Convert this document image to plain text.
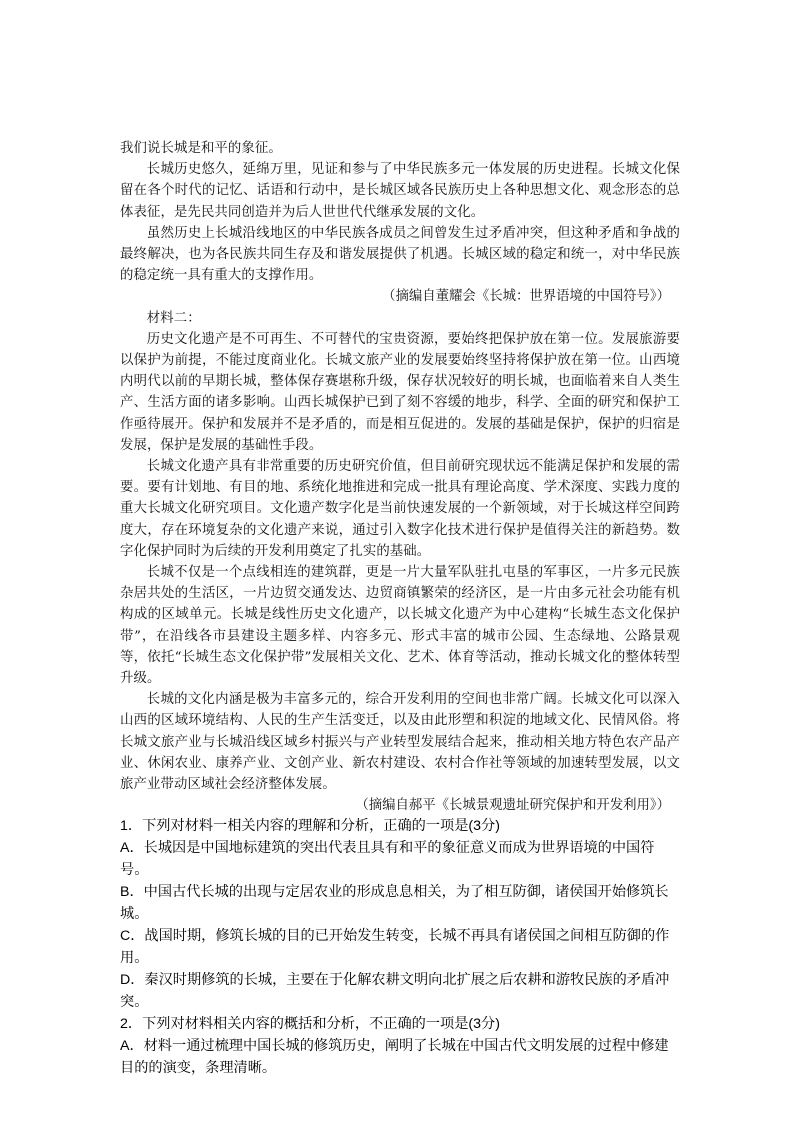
我们说长城是和平的象征。

长城历史悠久，延绵万里，见证和参与了中华民族多元一体发展的历史进程。长城文化保留在各个时代的记忆、话语和行动中，是长城区域各民族历史上各种思想文化、观念形态的总体表征，是先民共同创造并为后人世世代代继承发展的文化。

虽然历史上长城沿线地区的中华民族各成员之间曾发生过矛盾冲突，但这种矛盾和争战的最终解决，也为各民族共同生存及和谐发展提供了机遇。长城区域的稳定和统一，对中华民族的稳定统一具有重大的支撑作用。

（摘编自董耀会《长城：世界语境的中国符号》）

材料二：

历史文化遗产是不可再生、不可替代的宝贵资源，要始终把保护放在第一位。发展旅游要以保护为前提，不能过度商业化。长城文旅产业的发展要始终坚持将保护放在第一位。山西境内明代以前的早期长城，整体保存赛堪称升级，保存状况较好的明长城，也面临着来自人类生产、生活方面的诸多影响。山西长城保护已到了刻不容缓的地步，科学、全面的研究和保护工作亟待展开。保护和发展并不是矛盾的，而是相互促进的。发展的基础是保护，保护的归宿是发展，保护是发展的基础性手段。

长城文化遗产具有非常重要的历史研究价值，但目前研究现状远不能满足保护和发展的需要。要有计划地、有目的地、系统化地推进和完成一批具有理论高度、学术深度、实践力度的重大长城文化研究项目。文化遗产数字化是当前快速发展的一个新领域，对于长城这样空间跨度大，存在环境复杂的文化遗产来说，通过引入数字化技术进行保护是值得关注的新趋势。数字化保护同时为后续的开发利用奠定了扎实的基础。

长城不仅是一个点线相连的建筑群，更是一片大量军队驻扎屯垦的军事区，一片多元民族杂居共处的生活区，一片边贸交通发达、边贸商镇繁荣的经济区，是一片由多元社会功能有机构成的区域单元。长城是线性历史文化遗产，以长城文化遗产为中心建构“长城生态文化保护带”，在沿线各市县建设主题多样、内容多元、形式丰富的城市公园、生态绿地、公路景观等，依托“长城生态文化保护带”发展相关文化、艺术、体育等活动，推动长城文化的整体转型升级。

长城的文化内涵是极为丰富多元的，综合开发利用的空间也非常广阔。长城文化可以深入山西的区域环境结构、人民的生产生活变迁，以及由此形塑和积淀的地域文化、民情风俗。将长城文旅产业与长城沿线区域乡村振兴与产业转型发展结合起来，推动相关地方特色农产品产业、休闲农业、康养产业、文创产业、新农村建设、农村合作社等领域的加速转型发展，以文旅产业带动区域社会经济整体发展。

（摘编自郝平《长城景观遗址研究保护和开发利用》）

1．下列对材料一相关内容的理解和分析，正确的一项是(3分)

A．长城因是中国地标建筑的突出代表且具有和平的象征意义而成为世界语境的中国符号。

B．中国古代长城的出现与定居农业的形成息息相关，为了相互防御，诸侯国开始修筑长城。

C．战国时期，修筑长城的目的已开始发生转变，长城不再具有诸侯国之间相互防御的作用。

D．秦汉时期修筑的长城，主要在于化解农耕文明向北扩展之后农耕和游牧民族的矛盾冲突。

2．下列对材料相关内容的概括和分析，不正确的一项是(3分)

A．材料一通过梳理中国长城的修筑历史，阐明了长城在中国古代文明发展的过程中修建目的的演变，条理清晰。
